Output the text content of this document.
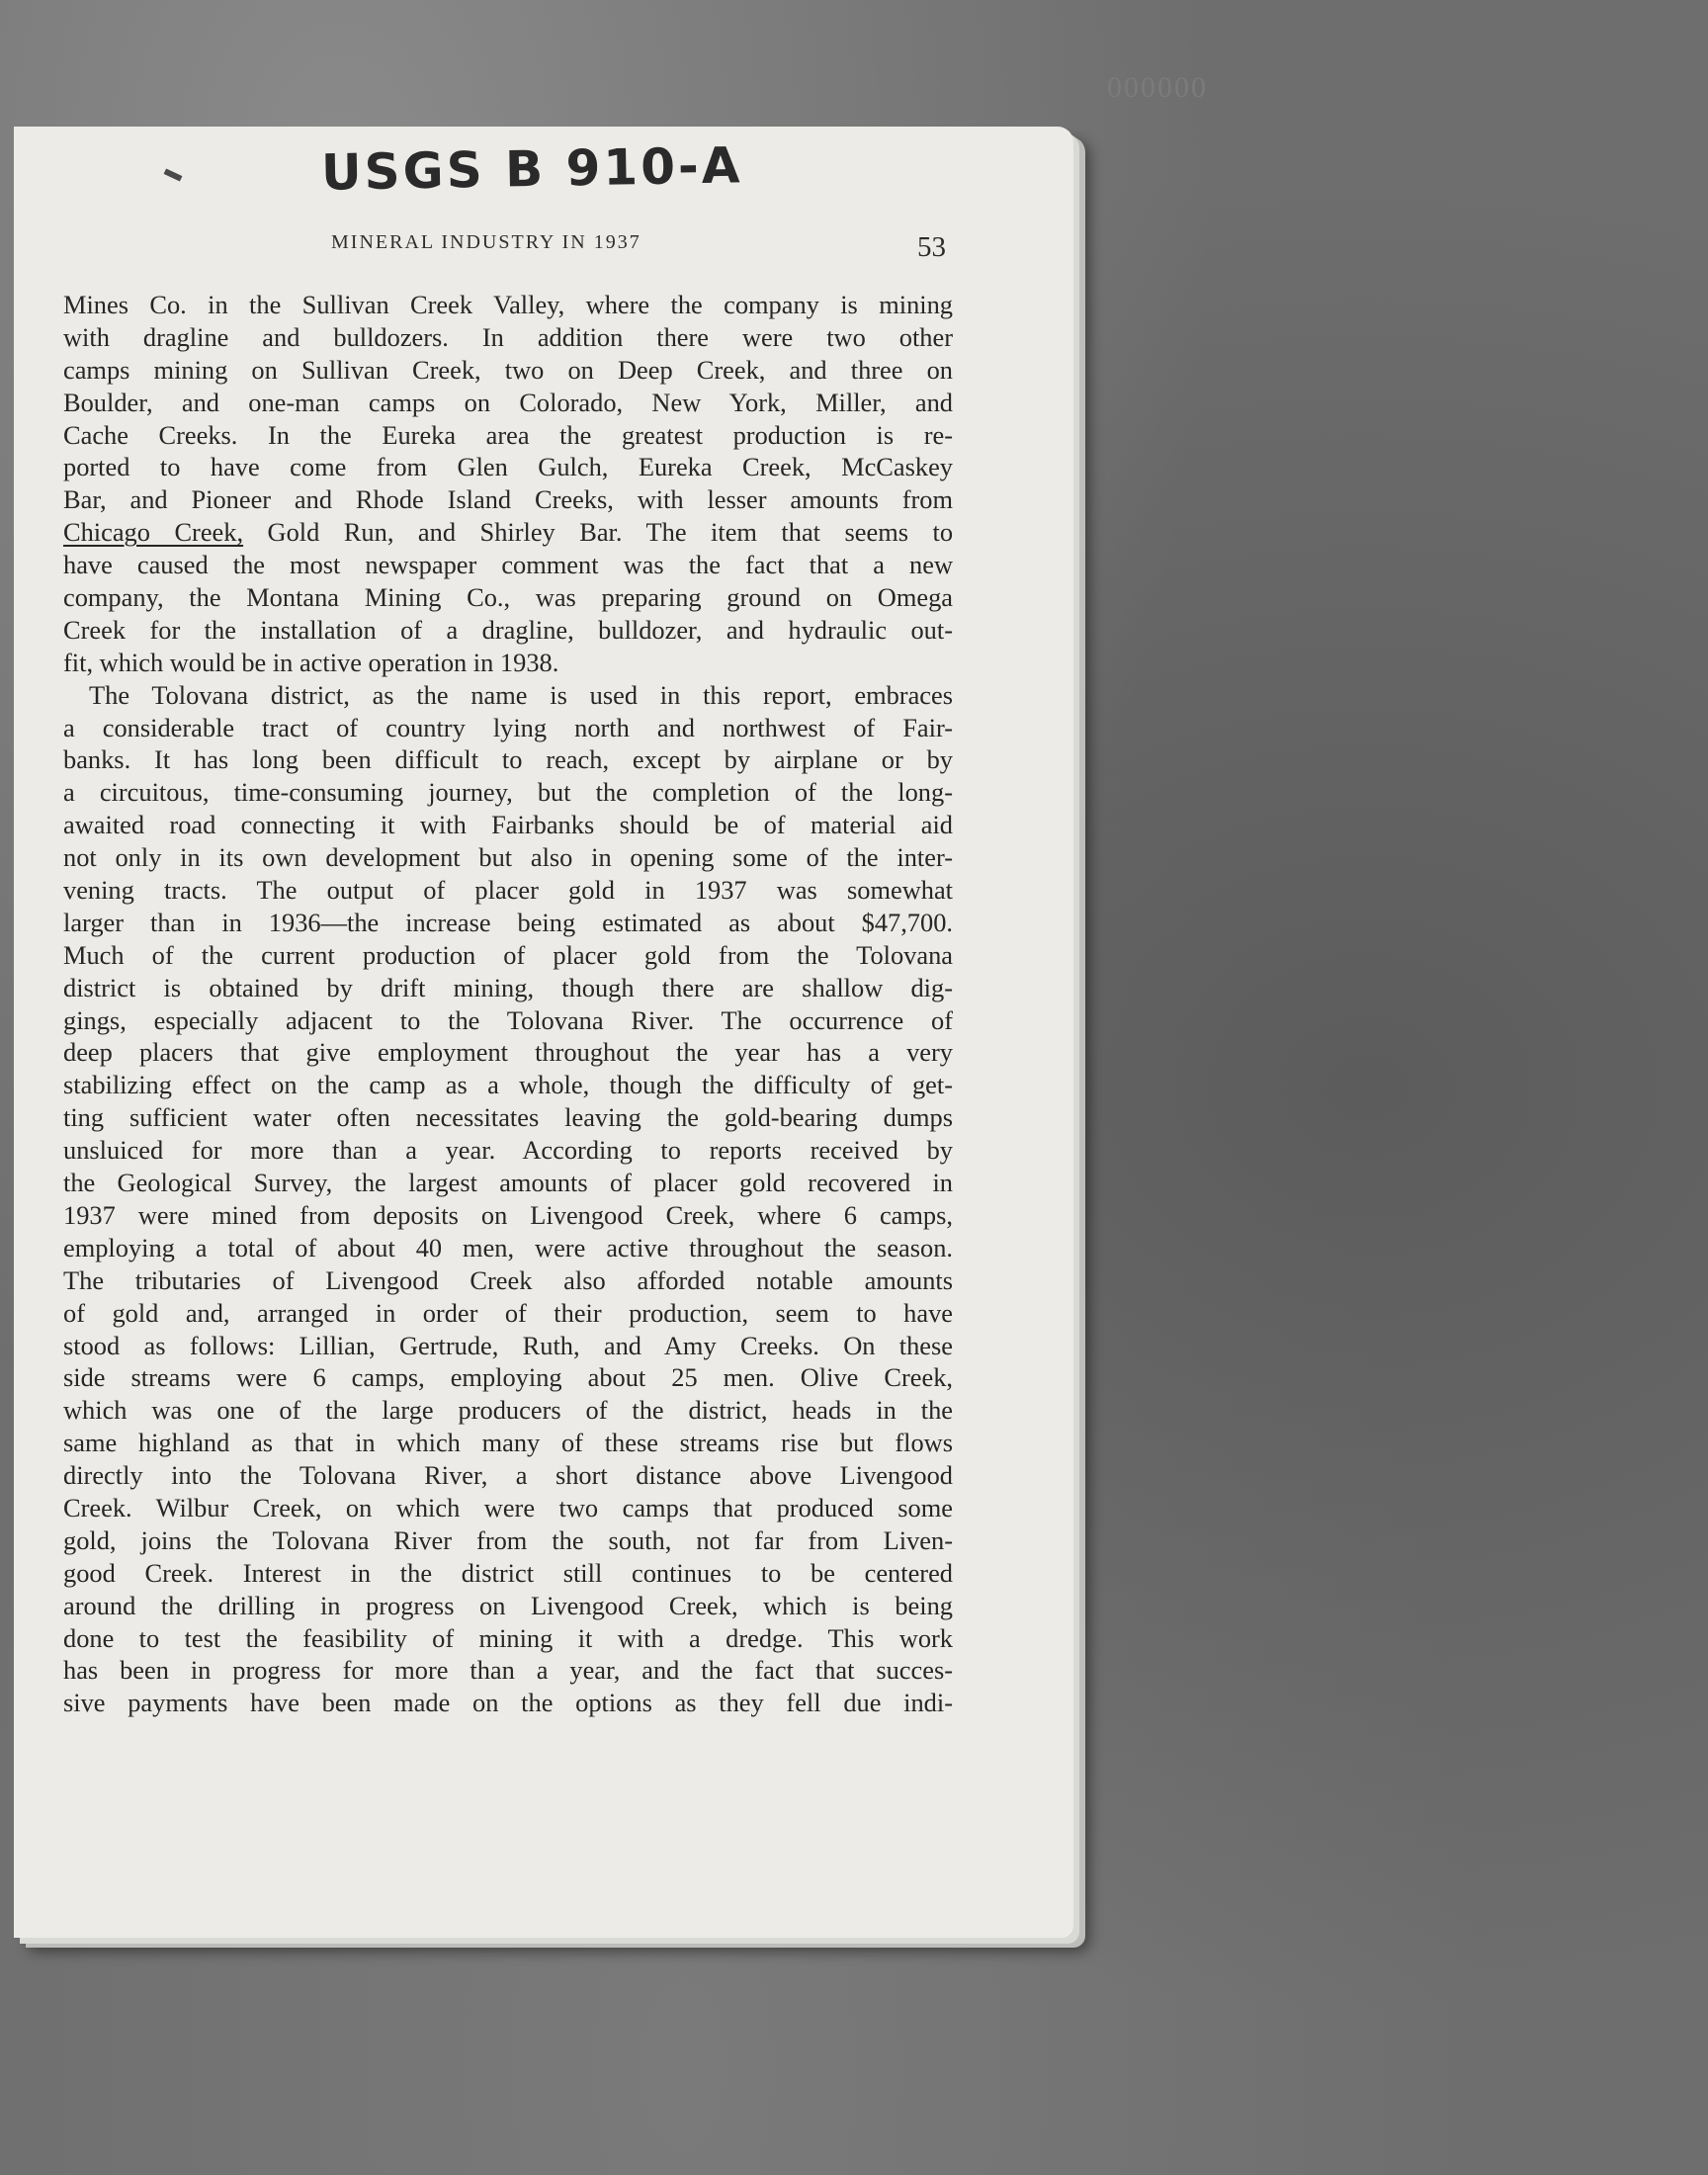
000000
USGS B 910-A
MINERAL INDUSTRY IN 1937	53
Mines Co. in the Sullivan Creek Valley, where the company is mining
with dragline and bulldozers. In addition there were two other
camps mining on Sullivan Creek, two on Deep Creek, and three on
Boulder, and one-man camps on Colorado, New York, Miller, and
Cache Creeks. In the Eureka area the greatest production is re-
ported to have come from Glen Gulch, Eureka Creek, McCaskey
Bar, and Pioneer and Rhode Island Creeks, with lesser amounts from
Chicago Creek, Gold Run, and Shirley Bar. The item that seems to
have caused the most newspaper comment was the fact that a new
company, the Montana Mining Co., was preparing ground on Omega
Creek for the installation of a dragline, bulldozer, and hydraulic out-
fit, which would be in active operation in 1938.
The Tolovana district, as the name is used in this report, embraces
a considerable tract of country lying north and northwest of Fair-
banks. It has long been difficult to reach, except by airplane or by
a circuitous, time-consuming journey, but the completion of the long-
awaited road connecting it with Fairbanks should be of material aid
not only in its own development but also in opening some of the inter-
vening tracts. The output of placer gold in 1937 was somewhat
larger than in 1936—the increase being estimated as about $47,700.
Much of the current production of placer gold from the Tolovana
district is obtained by drift mining, though there are shallow dig-
gings, especially adjacent to the Tolovana River. The occurrence of
deep placers that give employment throughout the year has a very
stabilizing effect on the camp as a whole, though the difficulty of get-
ting sufficient water often necessitates leaving the gold-bearing dumps
unsluiced for more than a year. According to reports received by
the Geological Survey, the largest amounts of placer gold recovered in
1937 were mined from deposits on Livengood Creek, where 6 camps,
employing a total of about 40 men, were active throughout the season.
The tributaries of Livengood Creek also afforded notable amounts
of gold and, arranged in order of their production, seem to have
stood as follows: Lillian, Gertrude, Ruth, and Amy Creeks. On these
side streams were 6 camps, employing about 25 men. Olive Creek,
which was one of the large producers of the district, heads in the
same highland as that in which many of these streams rise but flows
directly into the Tolovana River, a short distance above Livengood
Creek. Wilbur Creek, on which were two camps that produced some
gold, joins the Tolovana River from the south, not far from Liven-
good Creek. Interest in the district still continues to be centered
around the drilling in progress on Livengood Creek, which is being
done to test the feasibility of mining it with a dredge. This work
has been in progress for more than a year, and the fact that succes-
sive payments have been made on the options as they fell due indi-
